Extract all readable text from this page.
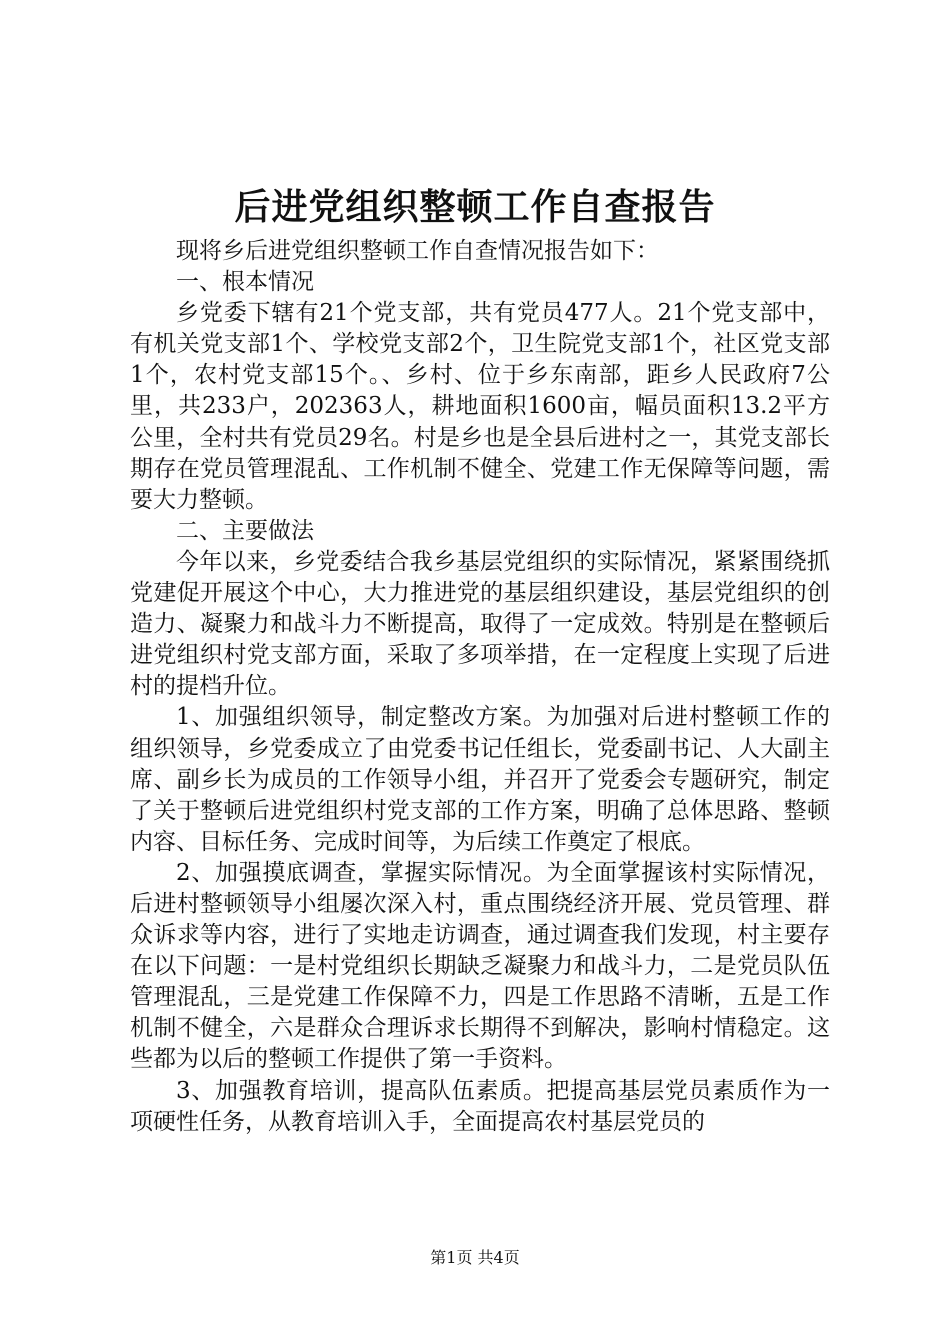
后进党组织整顿工作自查报告

现将乡后进党组织整顿工作自查情况报告如下：

一、根本情况

乡党委下辖有21个党支部，共有党员477人。21个党支部中，有机关党支部1个、学校党支部2个，卫生院党支部1个，社区党支部1个，农村党支部15个。、乡村、位于乡东南部，距乡人民政府7公里，共233户，202363人，耕地面积1600亩，幅员面积13.2平方公里，全村共有党员29名。村是乡也是全县后进村之一，其党支部长期存在党员管理混乱、工作机制不健全、党建工作无保障等问题，需要大力整顿。

二、主要做法

今年以来，乡党委结合我乡基层党组织的实际情况，紧紧围绕抓党建促开展这个中心，大力推进党的基层组织建设，基层党组织的创造力、凝聚力和战斗力不断提高，取得了一定成效。特别是在整顿后进党组织村党支部方面，采取了多项举措，在一定程度上实现了后进村的提档升位。

1、加强组织领导，制定整改方案。为加强对后进村整顿工作的组织领导，乡党委成立了由党委书记任组长，党委副书记、人大副主席、副乡长为成员的工作领导小组，并召开了党委会专题研究，制定了关于整顿后进党组织村党支部的工作方案，明确了总体思路、整顿内容、目标任务、完成时间等，为后续工作奠定了根底。

2、加强摸底调查，掌握实际情况。为全面掌握该村实际情况，后进村整顿领导小组屡次深入村，重点围绕经济开展、党员管理、群众诉求等内容，进行了实地走访调查，通过调查我们发现，村主要存在以下问题：一是村党组织长期缺乏凝聚力和战斗力，二是党员队伍管理混乱，三是党建工作保障不力，四是工作思路不清晰，五是工作机制不健全，六是群众合理诉求长期得不到解决，影响村情稳定。这些都为以后的整顿工作提供了第一手资料。

3、加强教育培训，提高队伍素质。把提高基层党员素质作为一项硬性任务，从教育培训入手，全面提高农村基层党员的

第1页 共4页
